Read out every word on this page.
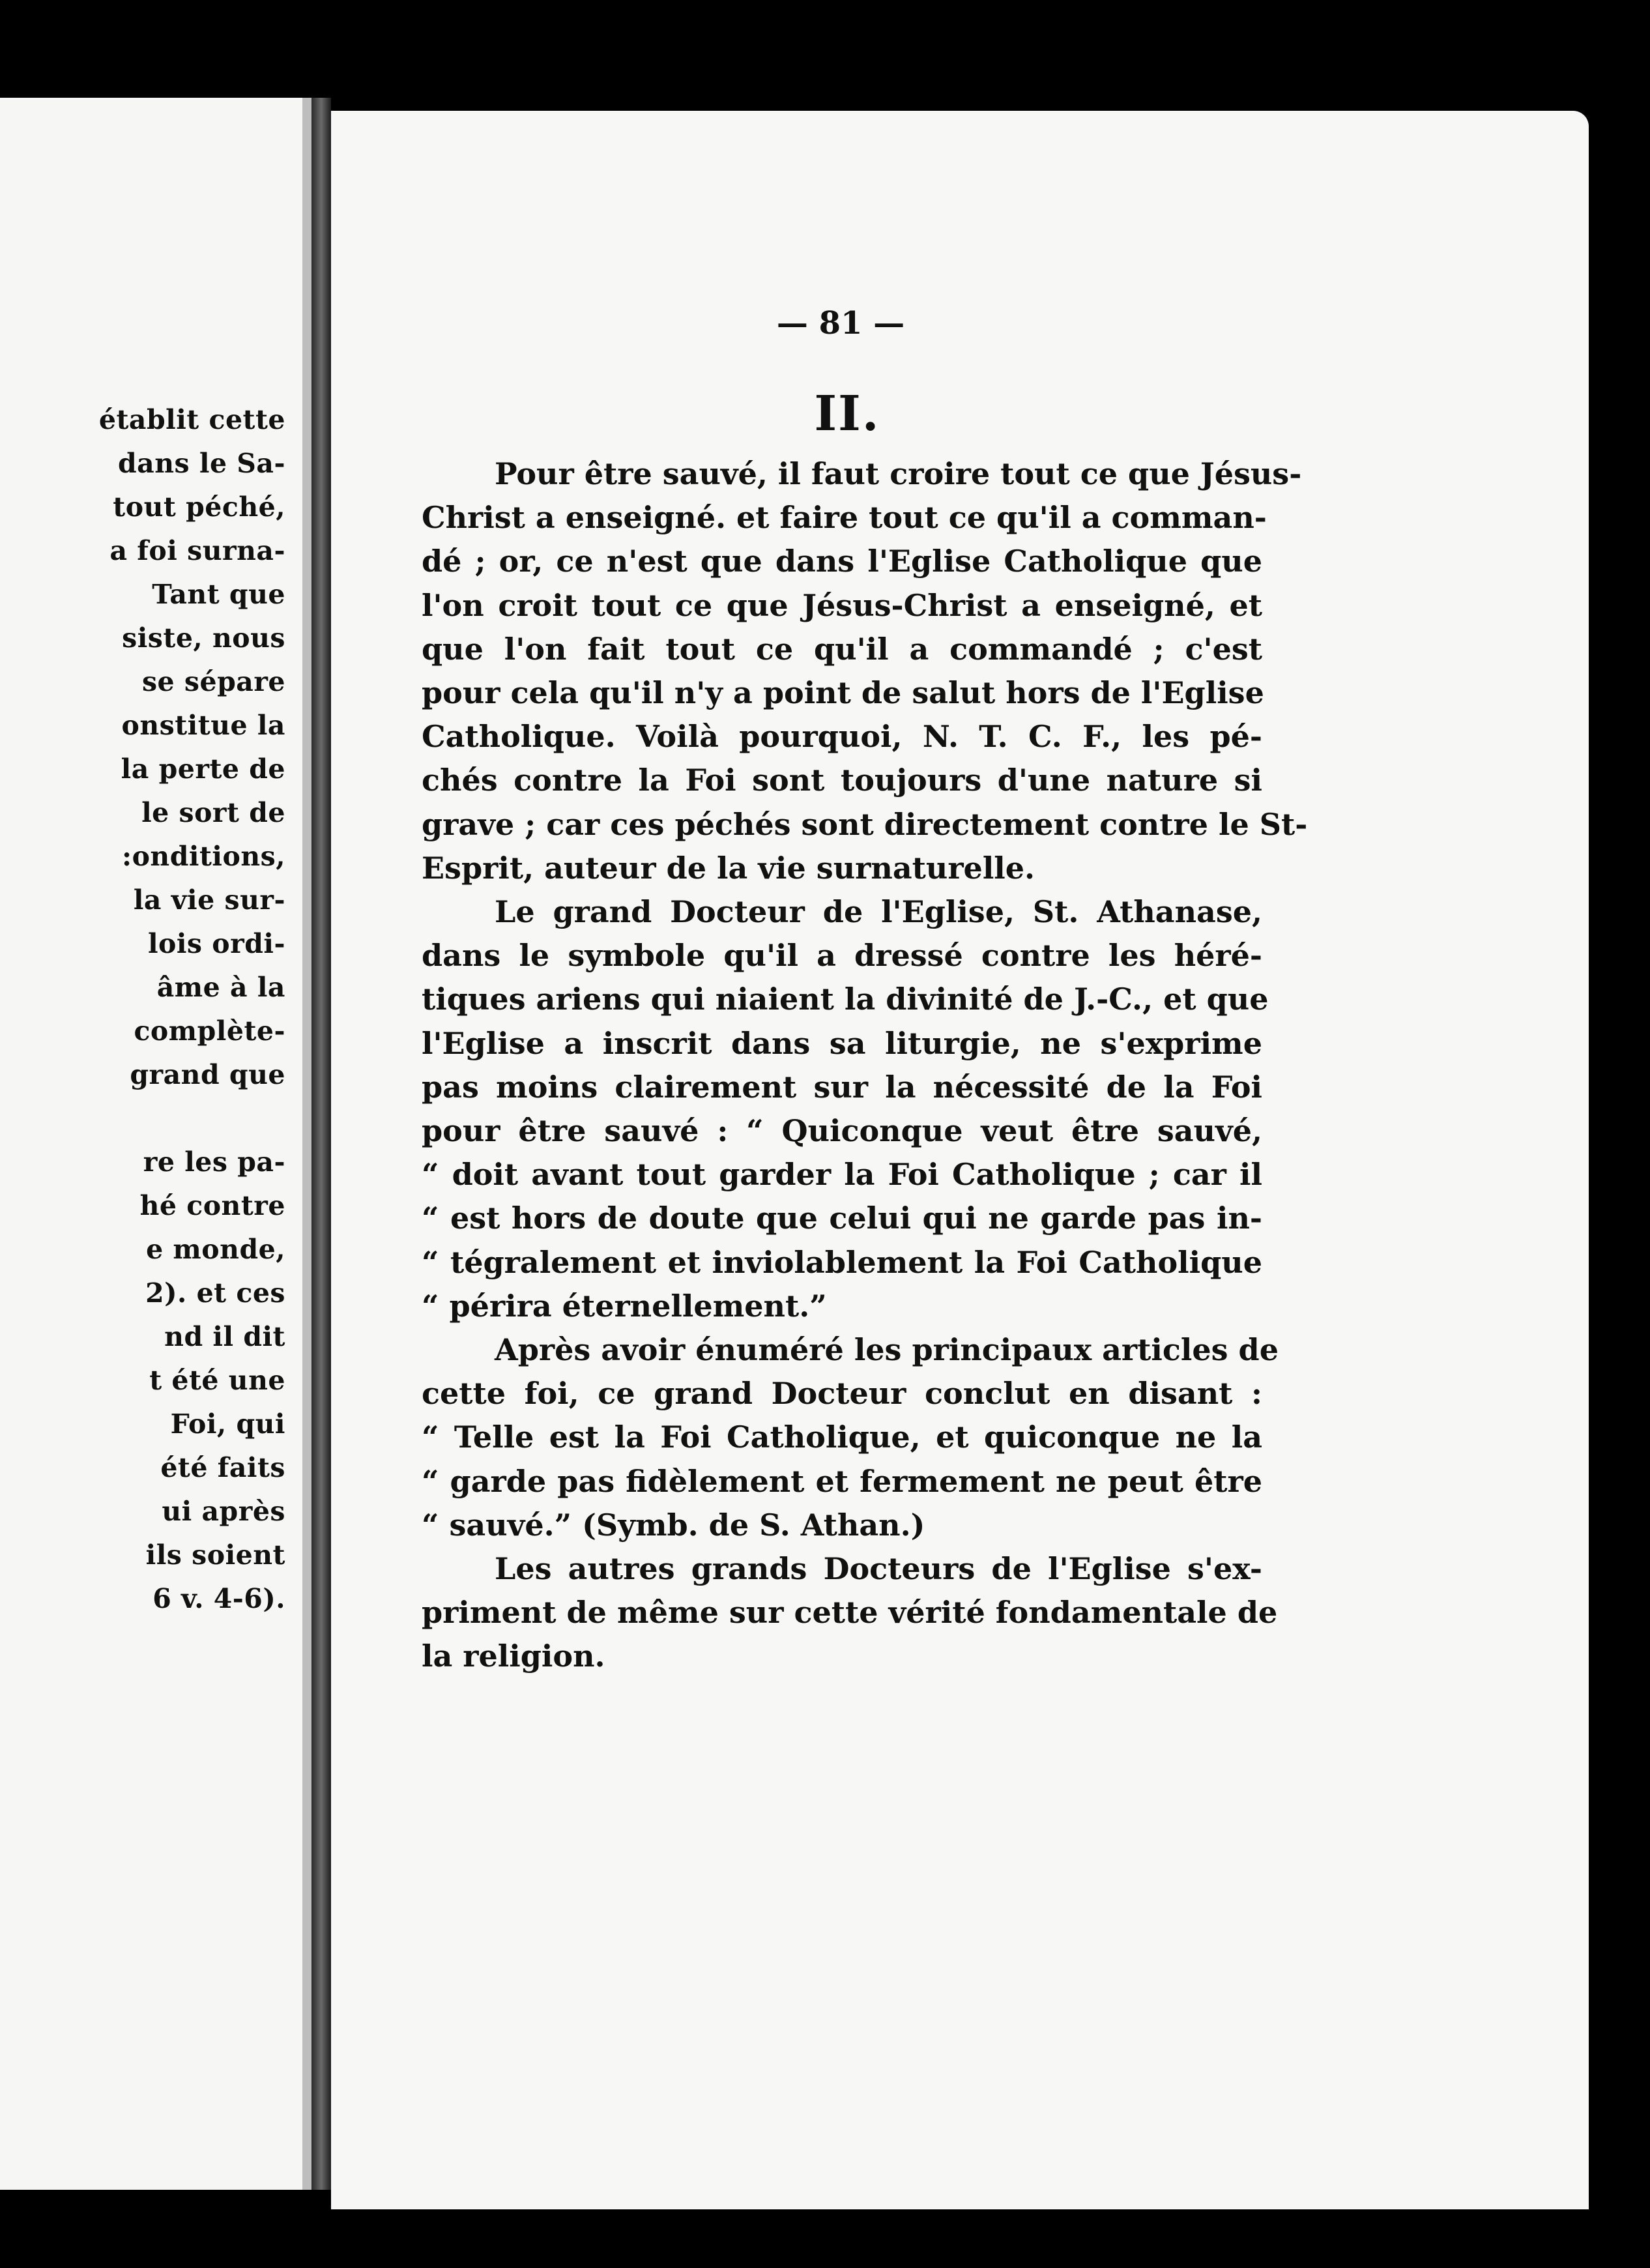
établit cette
dans le Sa-
tout péché,
a foi surna-
Tant que
siste, nous
se sépare
onstitue la
la perte de
le sort de
:onditions,
la vie sur-
lois ordi-
âme à la
complète-
grand que
re les pa-
hé contre
e monde,
2). et ces
nd il dit
t été une
Foi, qui
été faits
ui après
ils soient
6 v. 4-6).
— 81 —
II.
Pour être sauvé, il faut croire tout ce que Jésus-
Christ a enseigné. et faire tout ce qu'il a comman-
dé ; or, ce n'est que dans l'Eglise Catholique que
l'on croit tout ce que Jésus-Christ a enseigné, et
que l'on fait tout ce qu'il a commandé ; c'est
pour cela qu'il n'y a point de salut hors de l'Eglise
Catholique. Voilà pourquoi, N. T. C. F., les pé-
chés contre la Foi sont toujours d'une nature si
grave ; car ces péchés sont directement contre le St-
Esprit, auteur de la vie surnaturelle.
Le grand Docteur de l'Eglise, St. Athanase,
dans le symbole qu'il a dressé contre les héré-
tiques ariens qui niaient la divinité de J.-C., et que
l'Eglise a inscrit dans sa liturgie, ne s'exprime
pas moins clairement sur la nécessité de la Foi
pour être sauvé : “ Quiconque veut être sauvé,
“ doit avant tout garder la Foi Catholique ; car il
“ est hors de doute que celui qui ne garde pas in-
“ tégralement et inviolablement la Foi Catholique
“ périra éternellement.”
Après avoir énuméré les principaux articles de
cette foi, ce grand Docteur conclut en disant :
“ Telle est la Foi Catholique, et quiconque ne la
“ garde pas fidèlement et fermement ne peut être
“ sauvé.” (Symb. de S. Athan.)
Les autres grands Docteurs de l'Eglise s'ex-
priment de même sur cette vérité fondamentale de
la religion.
